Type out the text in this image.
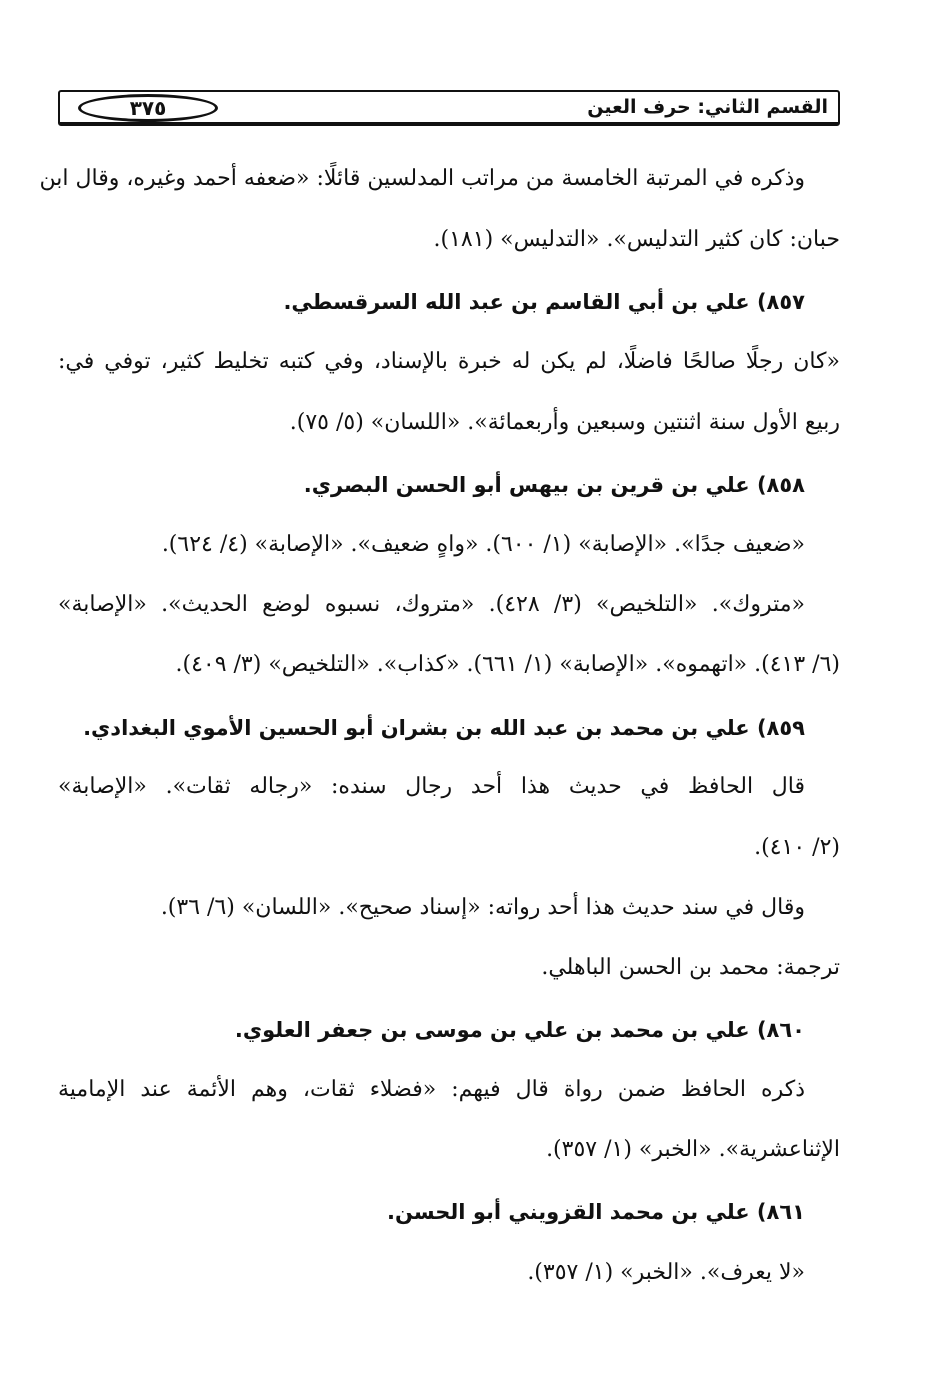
القسم الثاني: حرف العين
٣٧٥
وذكره في المرتبة الخامسة من مراتب المدلسين قائلًا: «ضعفه أحمد وغيره، وقال ابن
حبان: كان كثير التدليس». «التدليس» (١٨١).
٨٥٧) علي بن أبي القاسم بن عبد الله السرقسطي.
«كان رجلًا صالحًا فاضلًا، لم يكن له خبرة بالإسناد، وفي كتبه تخليط كثير، توفي في:
ربيع الأول سنة اثنتين وسبعين وأربعمائة». «اللسان» (٥/ ٧٥).
٨٥٨) علي بن قرين بن بيهس أبو الحسن البصري.
«ضعيف جدًا». «الإصابة» (١/ ٦٠٠). «واهٍ ضعيف». «الإصابة» (٤/ ٦٢٤).
«متروك». «التلخيص» (٣/ ٤٢٨). «متروك، نسبوه لوضع الحديث». «الإصابة»
(٦/ ٤١٣). «اتهموه». «الإصابة» (١/ ٦٦١). «كذاب». «التلخيص» (٣/ ٤٠٩).
٨٥٩) علي بن محمد بن عبد الله بن بشران أبو الحسين الأموي البغدادي.
قال الحافظ في حديث هذا أحد رجال سنده: «رجاله ثقات». «الإصابة»
(٢/ ٤١٠).
وقال في سند حديث هذا أحد رواته: «إسناد صحيح». «اللسان» (٦/ ٣٦).
ترجمة: محمد بن الحسن الباهلي.
٨٦٠) علي بن محمد بن علي بن موسى بن جعفر العلوي.
ذكره الحافظ ضمن رواة قال فيهم: «فضلاء ثقات، وهم الأئمة عند الإمامية
الإثناعشرية». «الخبر» (١/ ٣٥٧).
٨٦١) علي بن محمد القزويني أبو الحسن.
«لا يعرف». «الخبر» (١/ ٣٥٧).
